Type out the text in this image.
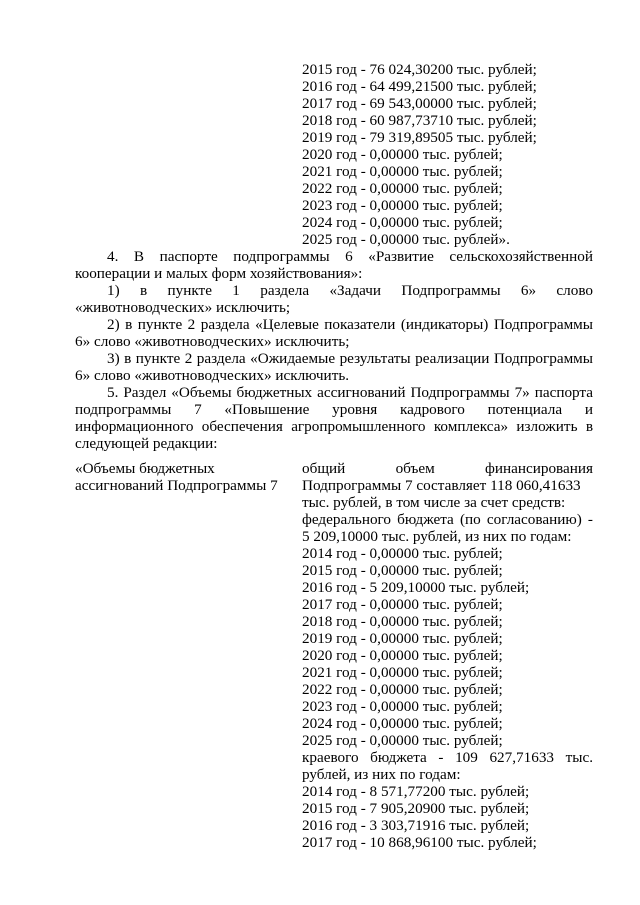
2015 год - 76 024,30200 тыс. рублей;
2016 год - 64 499,21500 тыс. рублей;
2017 год - 69 543,00000 тыс. рублей;
2018 год - 60 987,73710 тыс. рублей;
2019 год - 79 319,89505 тыс. рублей;
2020 год - 0,00000 тыс. рублей;
2021 год - 0,00000 тыс. рублей;
2022 год - 0,00000 тыс. рублей;
2023 год - 0,00000 тыс. рублей;
2024 год - 0,00000 тыс. рублей;
2025 год - 0,00000 тыс. рублей».
4. В паспорте подпрограммы 6 «Развитие сельскохозяйственной
кооперации и малых форм хозяйствования»:
1) в пункте 1 раздела «Задачи Подпрограммы 6» слово
«животноводческих» исключить;
2) в пункте 2 раздела «Целевые показатели (индикаторы) Подпрограммы
6» слово «животноводческих» исключить;
3) в пункте 2 раздела «Ожидаемые результаты реализации Подпрограммы
6» слово «животноводческих» исключить.
5. Раздел «Объемы бюджетных ассигнований Подпрограммы 7» паспорта
подпрограммы 7 «Повышение уровня кадрового потенциала и
информационного обеспечения агропромышленного комплекса» изложить в
следующей редакции:
«Объемы бюджетных
ассигнований Подпрограммы 7
общий объем финансирования
Подпрограммы 7 составляет 118 060,41633
тыс. рублей, в том числе за счет средств:
федерального бюджета (по согласованию) -
5 209,10000 тыс. рублей, из них по годам:
2014 год - 0,00000 тыс. рублей;
2015 год - 0,00000 тыс. рублей;
2016 год - 5 209,10000 тыс. рублей;
2017 год - 0,00000 тыс. рублей;
2018 год - 0,00000 тыс. рублей;
2019 год - 0,00000 тыс. рублей;
2020 год - 0,00000 тыс. рублей;
2021 год - 0,00000 тыс. рублей;
2022 год - 0,00000 тыс. рублей;
2023 год - 0,00000 тыс. рублей;
2024 год - 0,00000 тыс. рублей;
2025 год - 0,00000 тыс. рублей;
краевого бюджета - 109 627,71633 тыс.
рублей, из них по годам:
2014 год - 8 571,77200 тыс. рублей;
2015 год - 7 905,20900 тыс. рублей;
2016 год - 3 303,71916 тыс. рублей;
2017 год - 10 868,96100 тыс. рублей;
